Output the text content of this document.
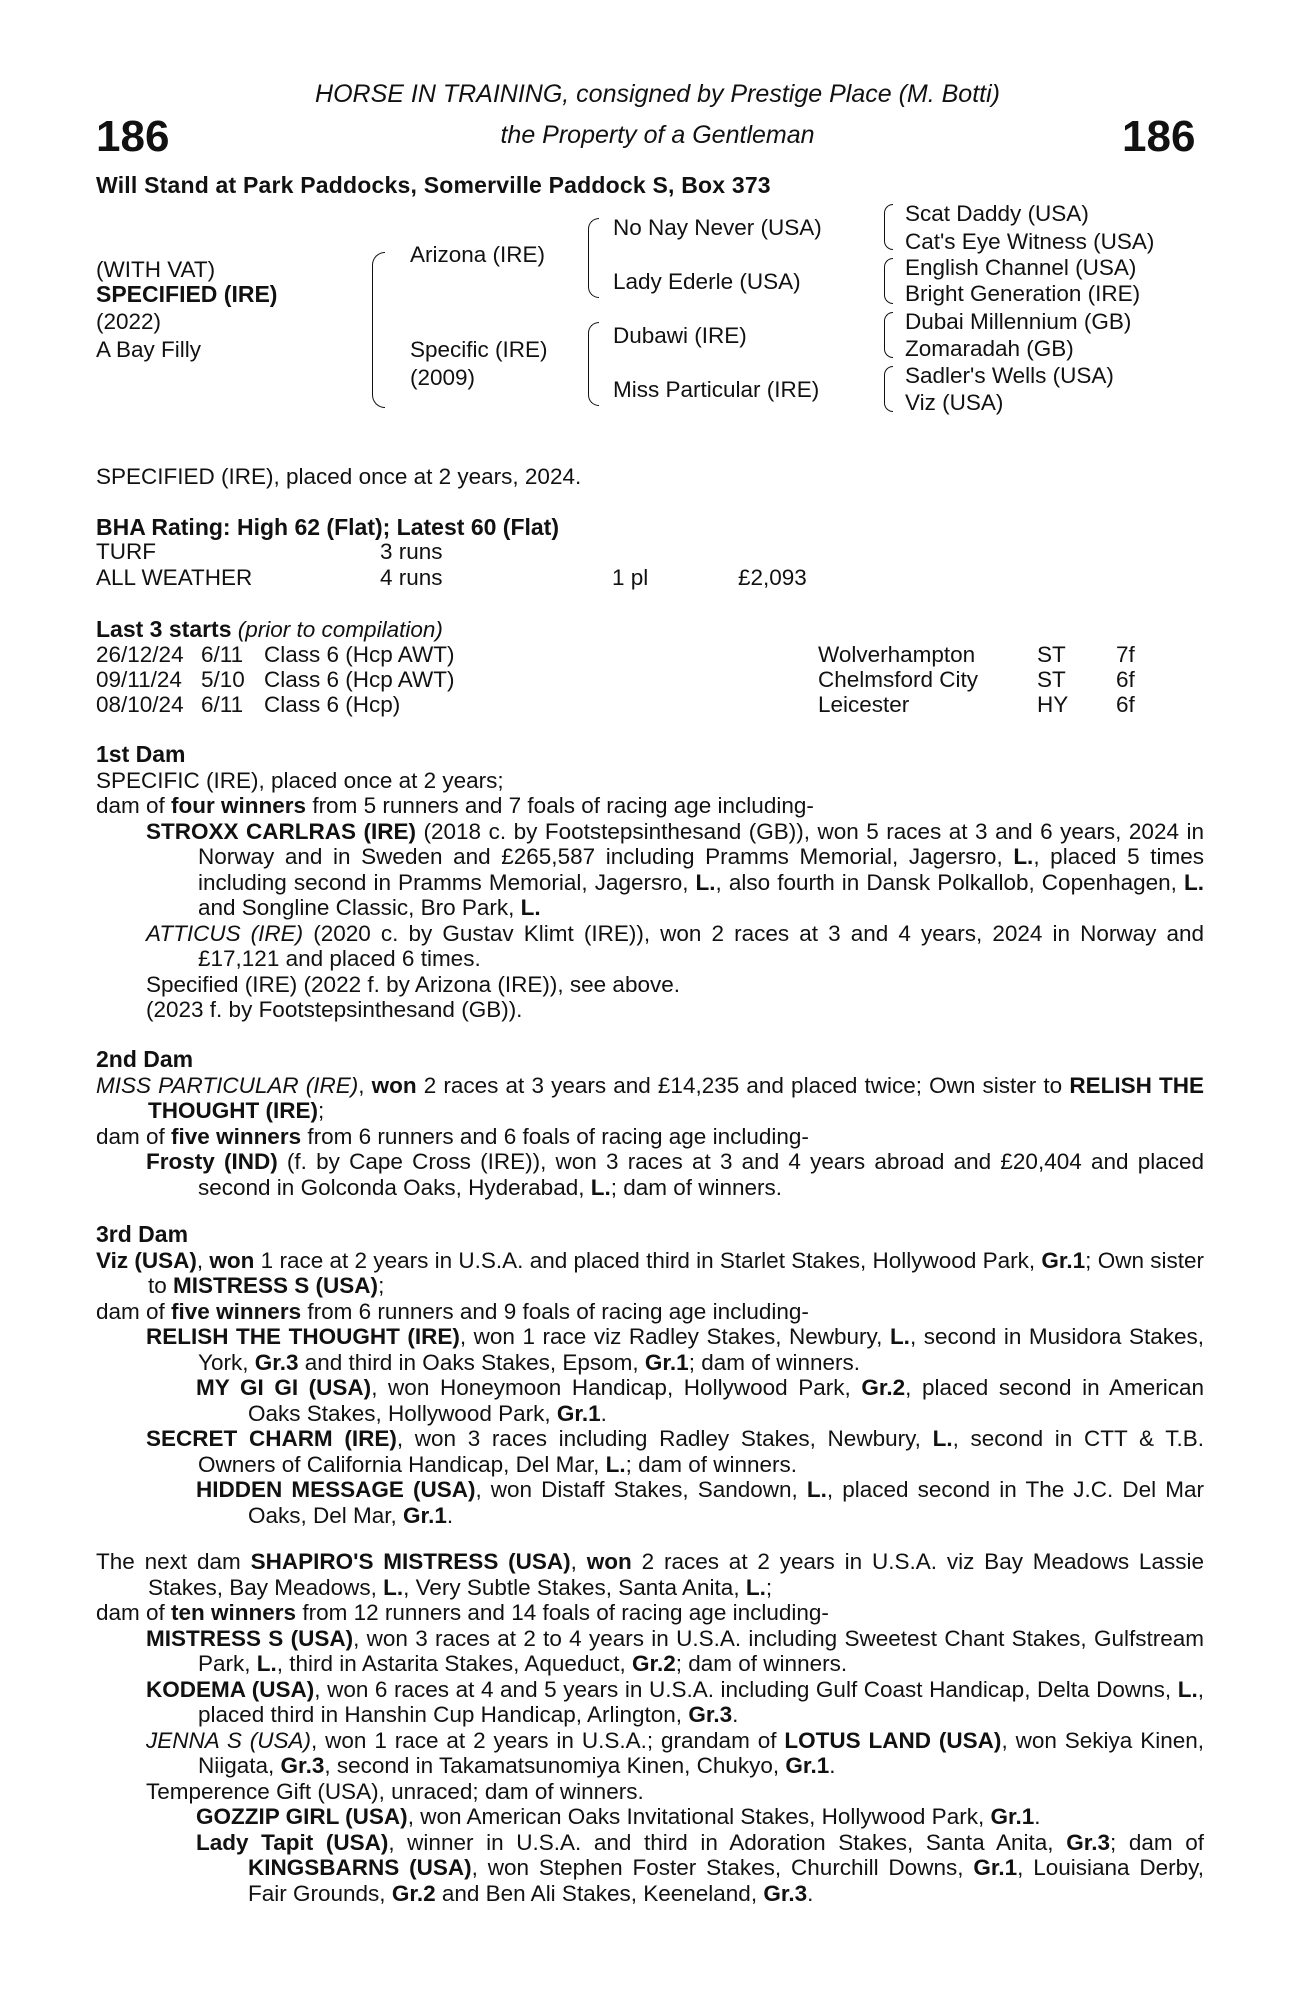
186	186
HORSE IN TRAINING, consigned by Prestige Place (M. Botti)
the Property of a Gentleman
Will Stand at Park Paddocks, Somerville Paddock S, Box 373
(WITH VAT)
SPECIFIED (IRE)
(2022)
A Bay Filly
Arizona (IRE)
Specific (IRE)
(2009)
No Nay Never (USA)
Lady Ederle (USA)
Dubawi (IRE)
Miss Particular (IRE)
Scat Daddy (USA)
Cat's Eye Witness (USA)
English Channel (USA)
Bright Generation (IRE)
Dubai Millennium (GB)
Zomaradah (GB)
Sadler's Wells (USA)
Viz (USA)
SPECIFIED (IRE), placed once at 2 years, 2024.
BHA Rating: High 62 (Flat); Latest 60 (Flat)
TURF	3 runs
ALL WEATHER	4 runs	1 pl	£2,093
Last 3 starts (prior to compilation)
26/12/24 6/11 Class 6 (Hcp AWT)	Wolverhampton	ST 7f
09/11/24 5/10 Class 6 (Hcp AWT)	Chelmsford City	ST 6f
08/10/24 6/11 Class 6 (Hcp)	Leicester	HY 6f

1st Dam

SPECIFIC (IRE), placed once at 2 years;

dam of four winners from 5 runners and 7 foals of racing age including-

STROXX CARLRAS (IRE) (2018 c. by Footstepsinthesand (GB)), won 5 races at 3 and 6 years, 2024 in Norway and in Sweden and £265,587 including Pramms Memorial, Jagersro, L., placed 5 times including second in Pramms Memorial, Jagersro, L., also fourth in Dansk Polkallob, Copenhagen, L. and Songline Classic, Bro Park, L.

ATTICUS (IRE) (2020 c. by Gustav Klimt (IRE)), won 2 races at 3 and 4 years, 2024 in Norway and £17,121 and placed 6 times.

Specified (IRE) (2022 f. by Arizona (IRE)), see above.

(2023 f. by Footstepsinthesand (GB)).

2nd Dam

MISS PARTICULAR (IRE), won 2 races at 3 years and £14,235 and placed twice; Own sister to RELISH THE THOUGHT (IRE);

dam of five winners from 6 runners and 6 foals of racing age including-

Frosty (IND) (f. by Cape Cross (IRE)), won 3 races at 3 and 4 years abroad and £20,404 and placed second in Golconda Oaks, Hyderabad, L.; dam of winners.

3rd Dam

Viz (USA), won 1 race at 2 years in U.S.A. and placed third in Starlet Stakes, Hollywood Park, Gr.1; Own sister to MISTRESS S (USA);

dam of five winners from 6 runners and 9 foals of racing age including-

RELISH THE THOUGHT (IRE), won 1 race viz Radley Stakes, Newbury, L., second in Musidora Stakes, York, Gr.3 and third in Oaks Stakes, Epsom, Gr.1; dam of winners.

MY GI GI (USA), won Honeymoon Handicap, Hollywood Park, Gr.2, placed second in American Oaks Stakes, Hollywood Park, Gr.1.

SECRET CHARM (IRE), won 3 races including Radley Stakes, Newbury, L., second in CTT & T.B. Owners of California Handicap, Del Mar, L.; dam of winners.

HIDDEN MESSAGE (USA), won Distaff Stakes, Sandown, L., placed second in The J.C. Del Mar Oaks, Del Mar, Gr.1.

The next dam SHAPIRO'S MISTRESS (USA), won 2 races at 2 years in U.S.A. viz Bay Meadows Lassie Stakes, Bay Meadows, L., Very Subtle Stakes, Santa Anita, L.;

dam of ten winners from 12 runners and 14 foals of racing age including-

MISTRESS S (USA), won 3 races at 2 to 4 years in U.S.A. including Sweetest Chant Stakes, Gulfstream Park, L., third in Astarita Stakes, Aqueduct, Gr.2; dam of winners.

KODEMA (USA), won 6 races at 4 and 5 years in U.S.A. including Gulf Coast Handicap, Delta Downs, L., placed third in Hanshin Cup Handicap, Arlington, Gr.3.

JENNA S (USA), won 1 race at 2 years in U.S.A.; grandam of LOTUS LAND (USA), won Sekiya Kinen, Niigata, Gr.3, second in Takamatsunomiya Kinen, Chukyo, Gr.1.

Temperence Gift (USA), unraced; dam of winners.

GOZZIP GIRL (USA), won American Oaks Invitational Stakes, Hollywood Park, Gr.1.

Lady Tapit (USA), winner in U.S.A. and third in Adoration Stakes, Santa Anita, Gr.3; dam of KINGSBARNS (USA), won Stephen Foster Stakes, Churchill Downs, Gr.1, Louisiana Derby, Fair Grounds, Gr.2 and Ben Ali Stakes, Keeneland, Gr.3.
